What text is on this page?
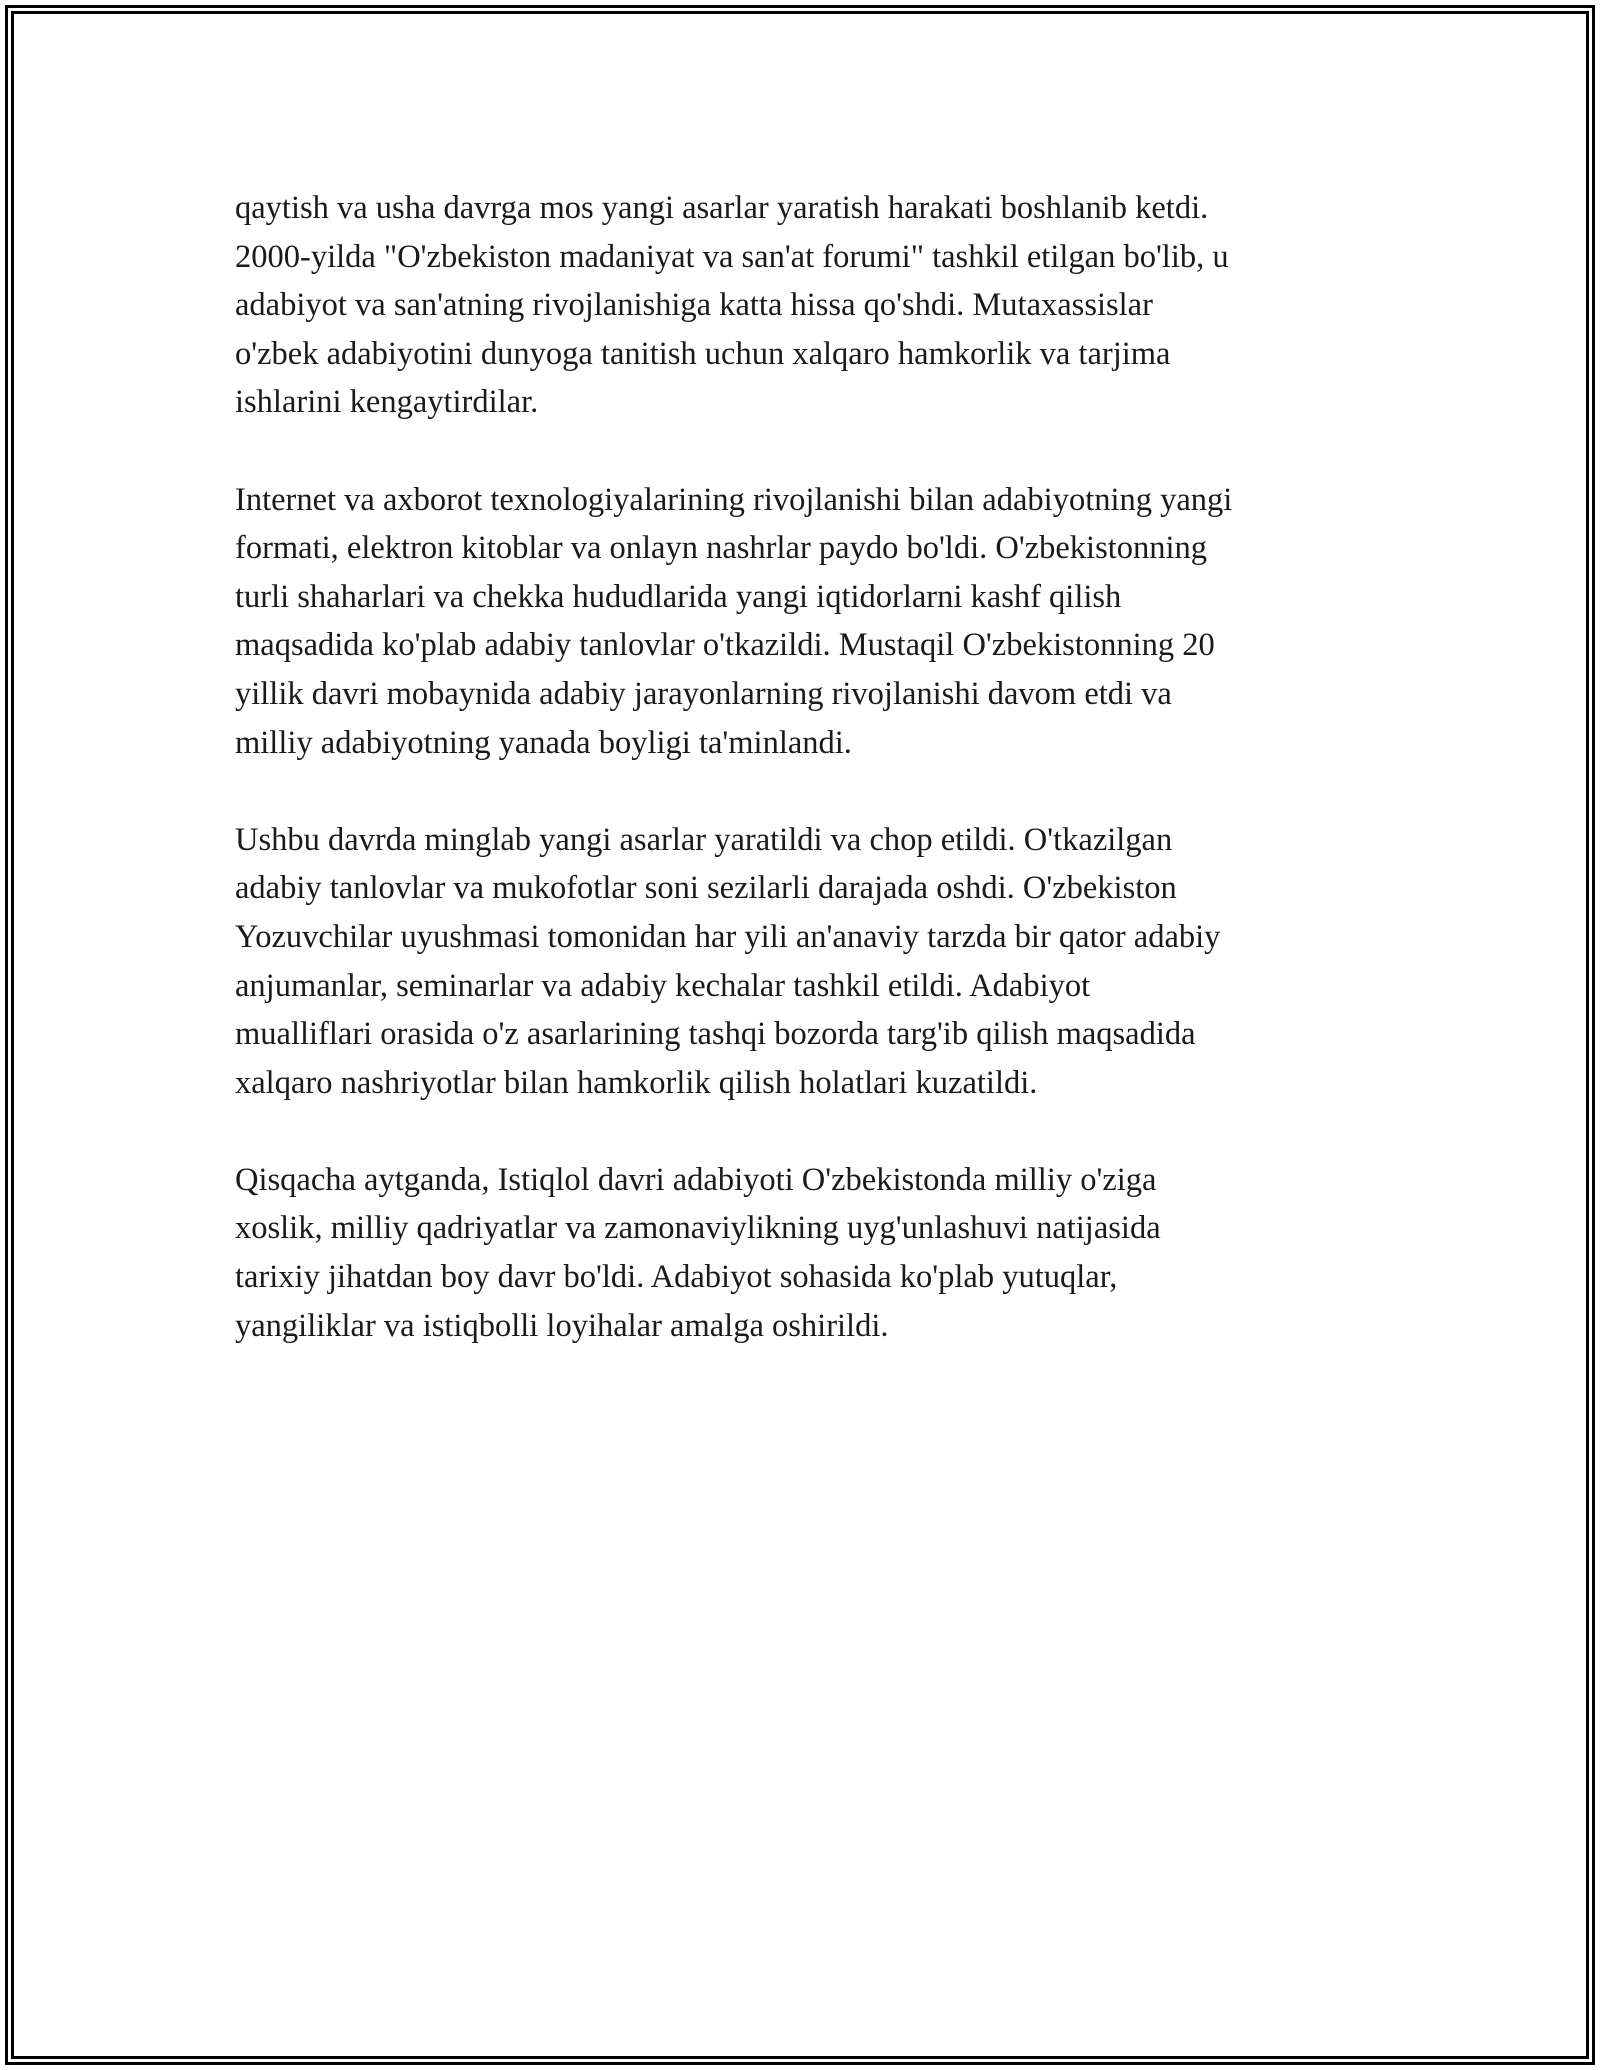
qaytish va usha davrga mos yangi asarlar yaratish harakati boshlanib ketdi.
2000-yilda "O'zbekiston madaniyat va san'at forumi" tashkil etilgan bo'lib, u
adabiyot va san'atning rivojlanishiga katta hissa qo'shdi. Mutaxassislar
o'zbek adabiyotini dunyoga tanitish uchun xalqaro hamkorlik va tarjima
ishlarini kengaytirdilar.
Internet va axborot texnologiyalarining rivojlanishi bilan adabiyotning yangi
formati, elektron kitoblar va onlayn nashrlar paydo bo'ldi. O'zbekistonning
turli shaharlari va chekka hududlarida yangi iqtidorlarni kashf qilish
maqsadida ko'plab adabiy tanlovlar o'tkazildi. Mustaqil O'zbekistonning 20
yillik davri mobaynida adabiy jarayonlarning rivojlanishi davom etdi va
milliy adabiyotning yanada boyligi ta'minlandi.
Ushbu davrda minglab yangi asarlar yaratildi va chop etildi. O'tkazilgan
adabiy tanlovlar va mukofotlar soni sezilarli darajada oshdi. O'zbekiston
Yozuvchilar uyushmasi tomonidan har yili an'anaviy tarzda bir qator adabiy
anjumanlar, seminarlar va adabiy kechalar tashkil etildi. Adabiyot
mualliflari orasida o'z asarlarining tashqi bozorda targ'ib qilish maqsadida
xalqaro nashriyotlar bilan hamkorlik qilish holatlari kuzatildi.
Qisqacha aytganda, Istiqlol davri adabiyoti O'zbekistonda milliy o'ziga
xoslik, milliy qadriyatlar va zamonaviylikning uyg'unlashuvi natijasida
tarixiy jihatdan boy davr bo'ldi. Adabiyot sohasida ko'plab yutuqlar,
yangiliklar va istiqbolli loyihalar amalga oshirildi.
